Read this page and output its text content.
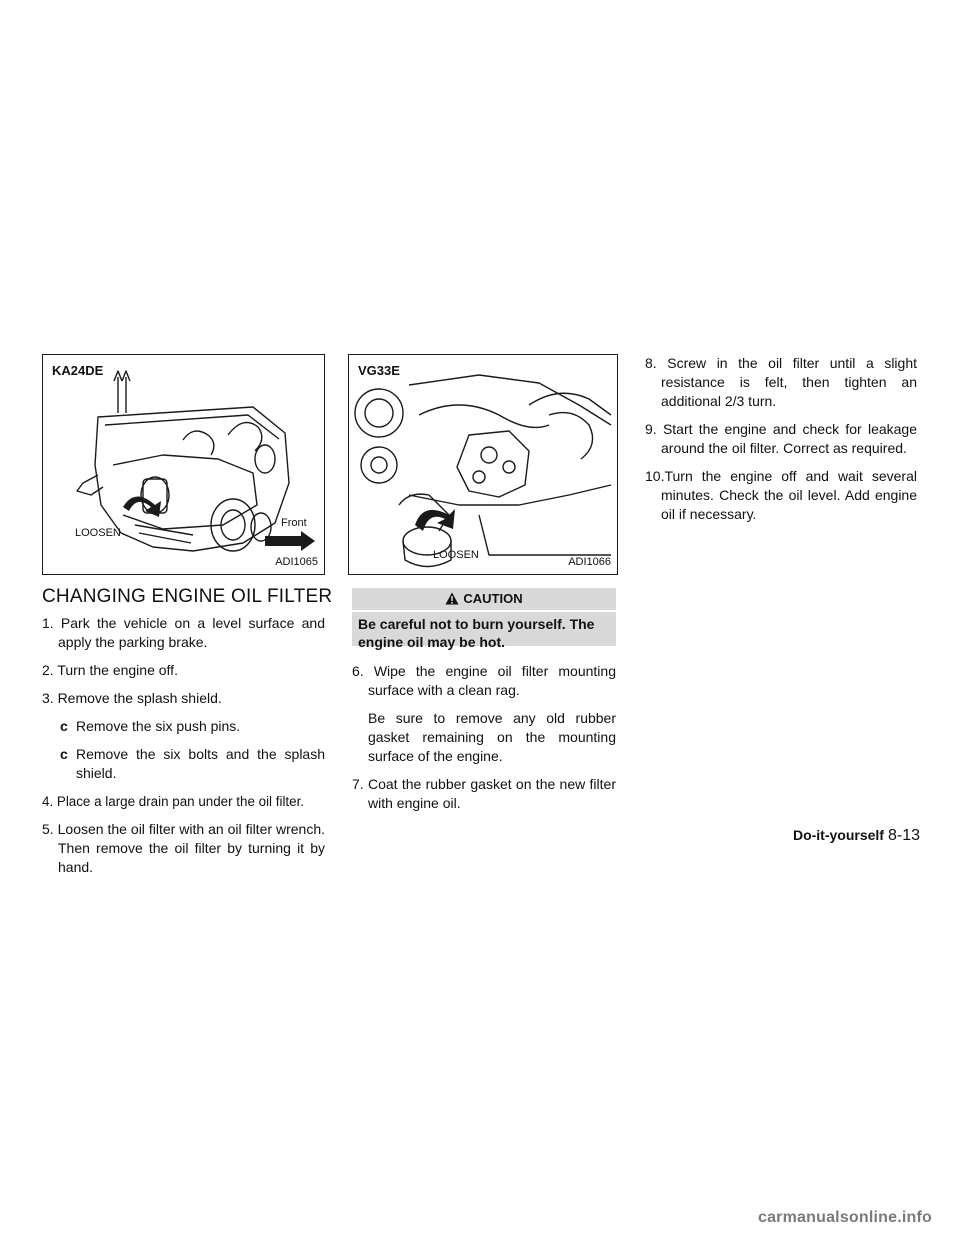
KA24DE
LOOSEN
Front
ADI1065
VG33E
LOOSEN
ADI1066
CHANGING ENGINE OIL FILTER

1. Park the vehicle on a level surface and apply the parking brake.

2. Turn the engine off.

3. Remove the splash shield.

c Remove the six push pins.

c Remove the six bolts and the splash shield.

4. Place a large drain pan under the oil filter.

5. Loosen the oil filter with an oil filter wrench. Then remove the oil filter by turning it by hand.

CAUTION
Be careful not to burn yourself. The engine oil may be hot.

6. Wipe the engine oil filter mounting surface with a clean rag.

Be sure to remove any old rubber gasket remaining on the mounting surface of the engine.

7. Coat the rubber gasket on the new filter with engine oil.

8. Screw in the oil filter until a slight resistance is felt, then tighten an additional 2/3 turn.

9. Start the engine and check for leakage around the oil filter. Correct as required.

10.Turn the engine off and wait several minutes. Check the oil level. Add engine oil if necessary.

Do-it-yourself 8-13
carmanualsonline.info
